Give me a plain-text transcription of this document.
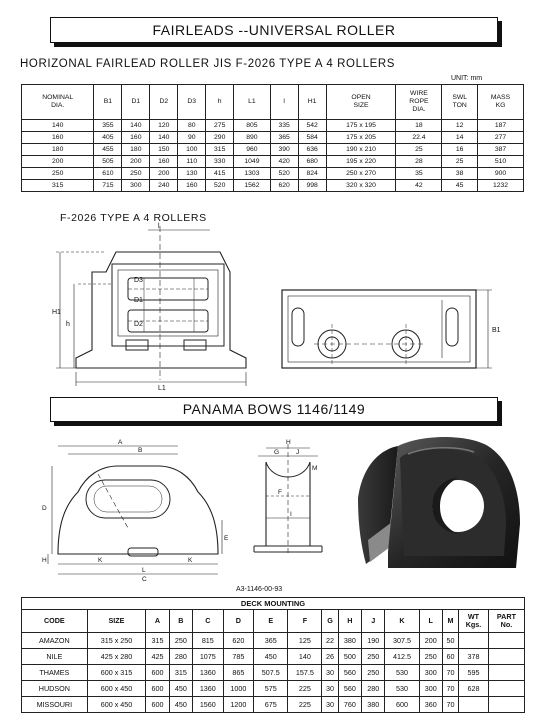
FAIRLEADS --UNIVERSAL ROLLER
HORIZONAL FAIRLEAD ROLLER JIS F-2026 TYPE A 4 ROLLERS
UNIT: mm
NOMINAL
DIA.	B1	D1	D2	D3	h	L1	l	H1	OPEN
SIZE	WIRE
ROPE
DIA.	SWL
TON	MASS
KG
140	355	140	120	80	275	805	335	542	175 x 195	18	12	187
160	405	160	140	90	290	890	365	584	175 x 205	22.4	14	277
180	455	180	150	100	315	960	390	636	190 x 210	25	16	387
200	505	200	160	110	330	1049	420	680	195 x 220	28	25	510
250	610	250	200	130	415	1303	520	824	250 x 270	35	38	900
315	715	300	240	160	520	1562	620	998	320 x 320	42	45	1232
F-2026 TYPE A 4 ROLLERS
l
D3
D1
D2
H1
h
L1
B1
PANAMA BOWS 1146/1149
A
B
D
E
H	K	K
L
C
H
G	J
M
F
I
A3-1146-00-93
DECK MOUNTING															
CODE	SIZE	A	B	C	D	E	F	G	H	J	K	L	M	WT
Kgs.	PART
No.
AMAZON	315 x 250	315	250	815	620	365	125	22	380	190	307.5	200	50		
NILE	425 x 280	425	280	1075	785	450	140	26	500	250	412.5	250	60	378	
THAMES	600 x 315	600	315	1360	865	507.5	157.5	30	560	250	530	300	70	595	
HUDSON	600 x 450	600	450	1360	1000	575	225	30	560	280	530	300	70	628	
MISSOURI	600 x 450	600	450	1560	1200	675	225	30	760	380	600	360	70		
